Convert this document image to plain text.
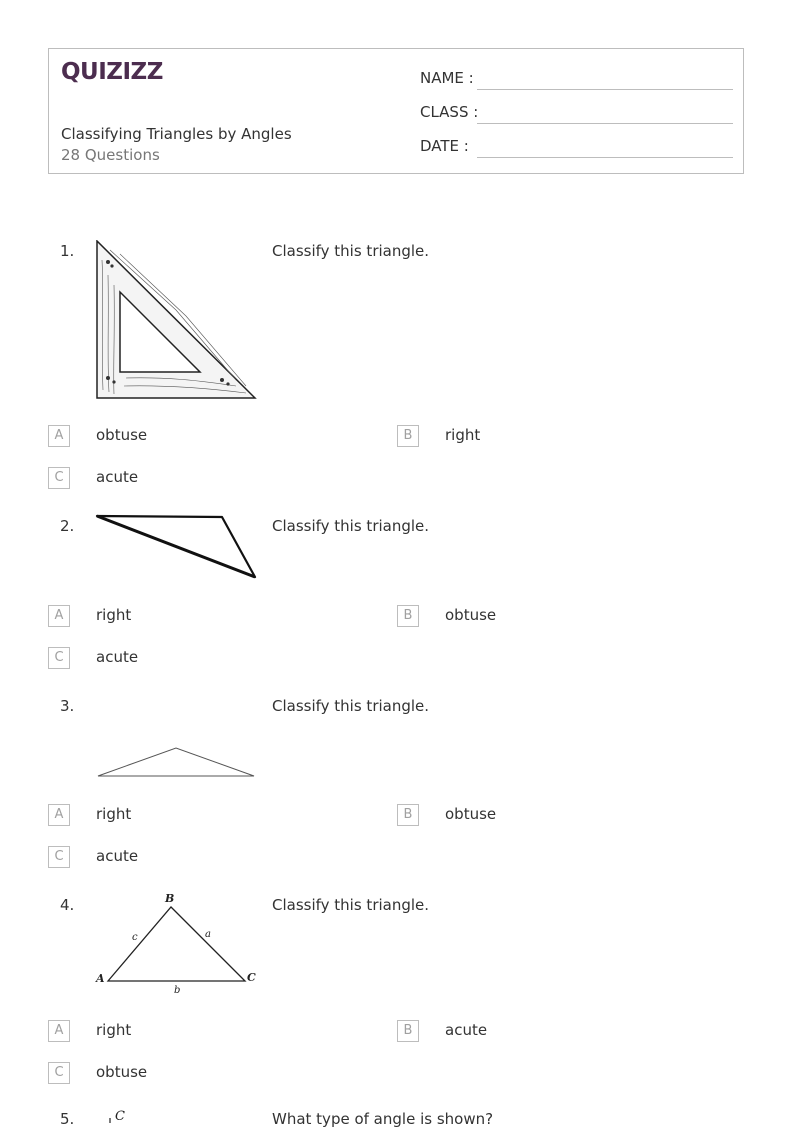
QUIZIZZ
Classifying Triangles by Angles
28 Questions
NAME :
CLASS :
DATE :
1.	Classify this triangle.
A	obtuse	B	right
C	acute
2.	Classify this triangle.
A	right	B	obtuse
C	acute
3.	Classify this triangle.
A	right	B	obtuse
C	acute
4.	Classify this triangle.
B
A	C
c	a
b
A	right	B	acute
C	obtuse
5.	What type of angle is shown?
C
